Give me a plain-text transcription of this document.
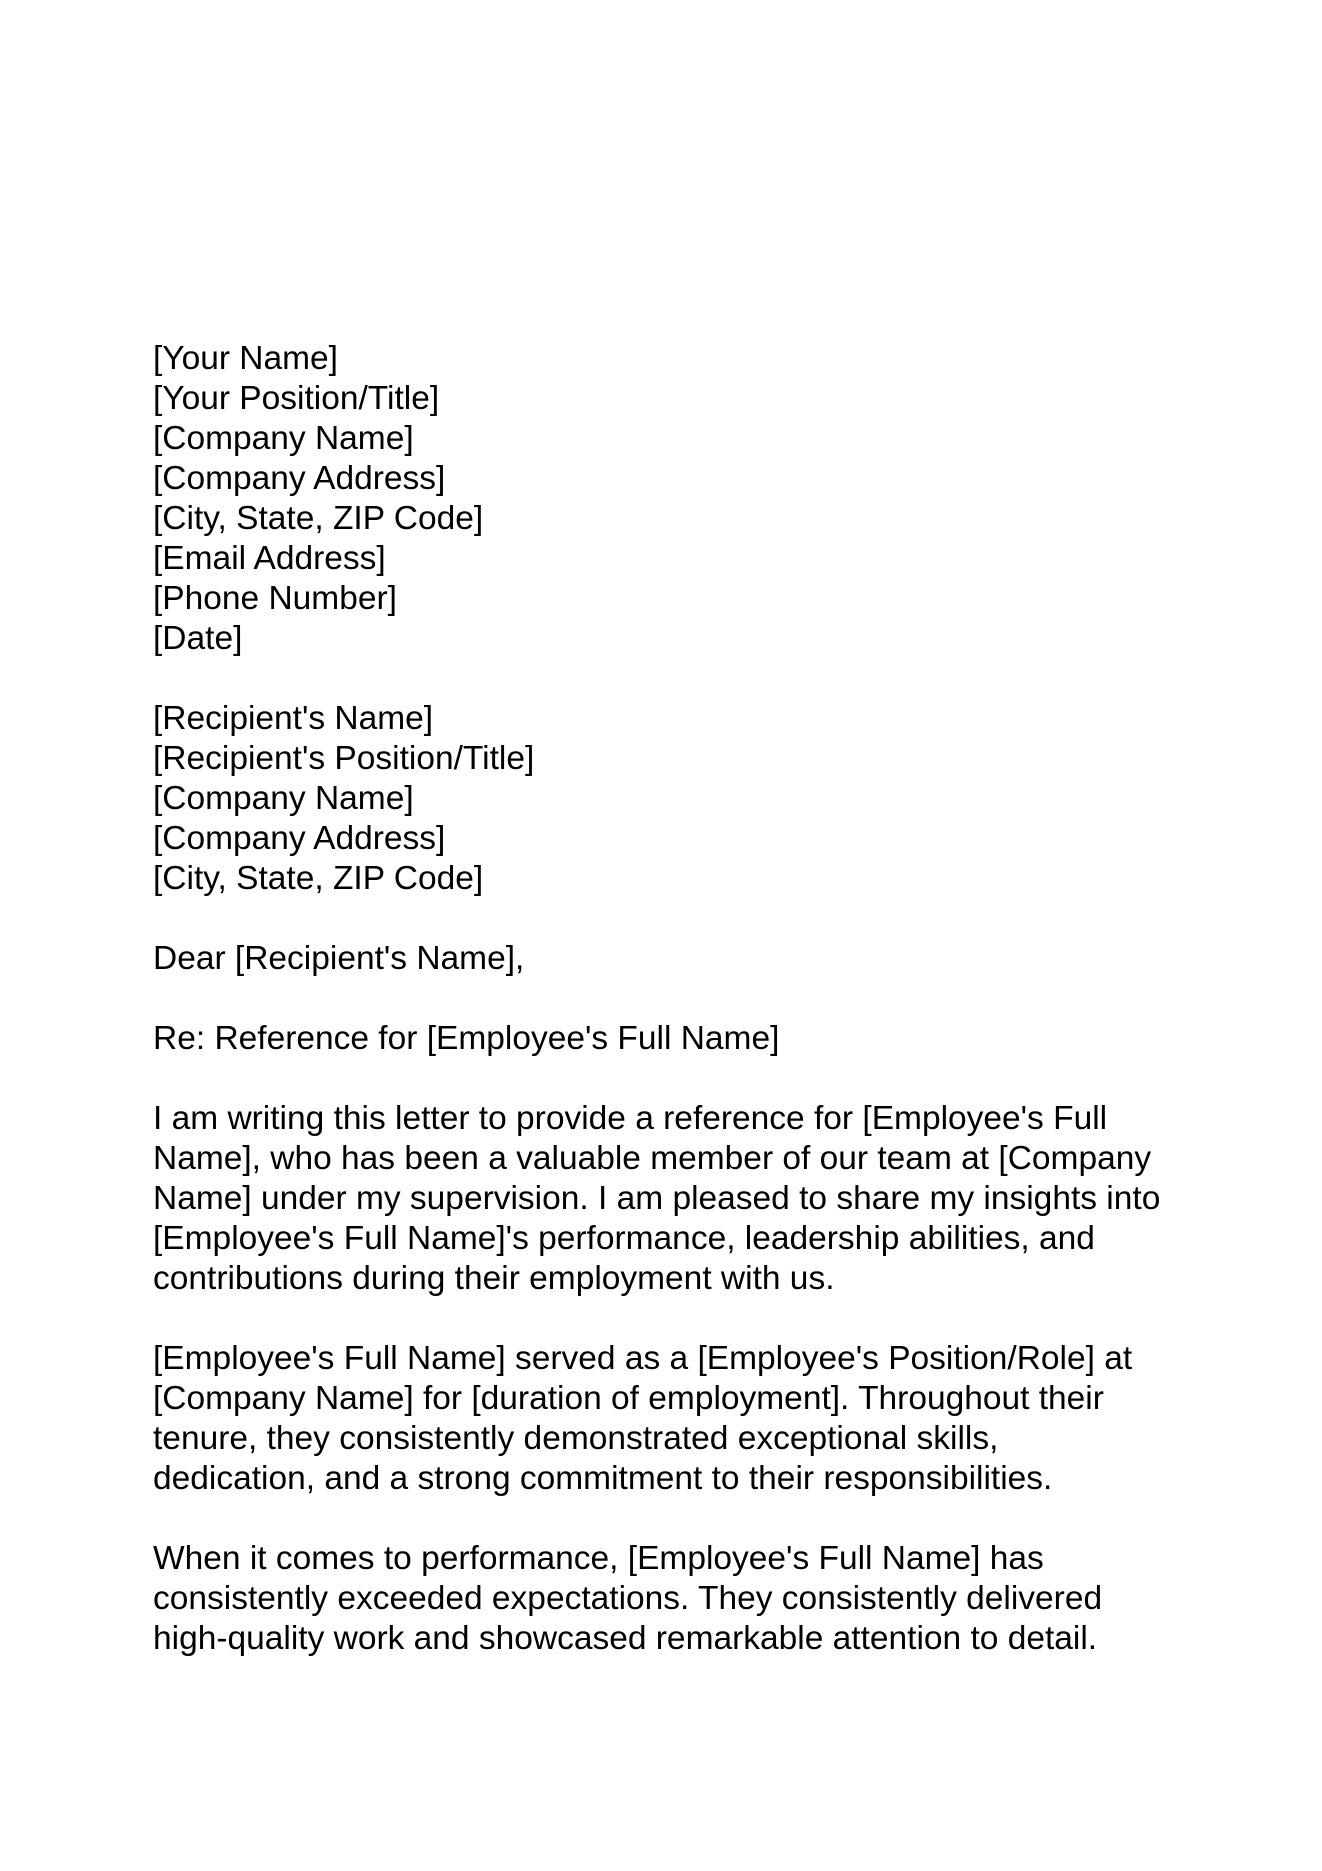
[Your Name]
[Your Position/Title]
[Company Name]
[Company Address]
[City, State, ZIP Code]
[Email Address]
[Phone Number]
[Date]
[Recipient's Name]
[Recipient's Position/Title]
[Company Name]
[Company Address]
[City, State, ZIP Code]
Dear [Recipient's Name],
Re: Reference for [Employee's Full Name]
I am writing this letter to provide a reference for [Employee's Full
Name], who has been a valuable member of our team at [Company
Name] under my supervision. I am pleased to share my insights into
[Employee's Full Name]'s performance, leadership abilities, and
contributions during their employment with us.
[Employee's Full Name] served as a [Employee's Position/Role] at
[Company Name] for [duration of employment]. Throughout their
tenure, they consistently demonstrated exceptional skills,
dedication, and a strong commitment to their responsibilities.
When it comes to performance, [Employee's Full Name] has
consistently exceeded expectations. They consistently delivered
high-quality work and showcased remarkable attention to detail.
